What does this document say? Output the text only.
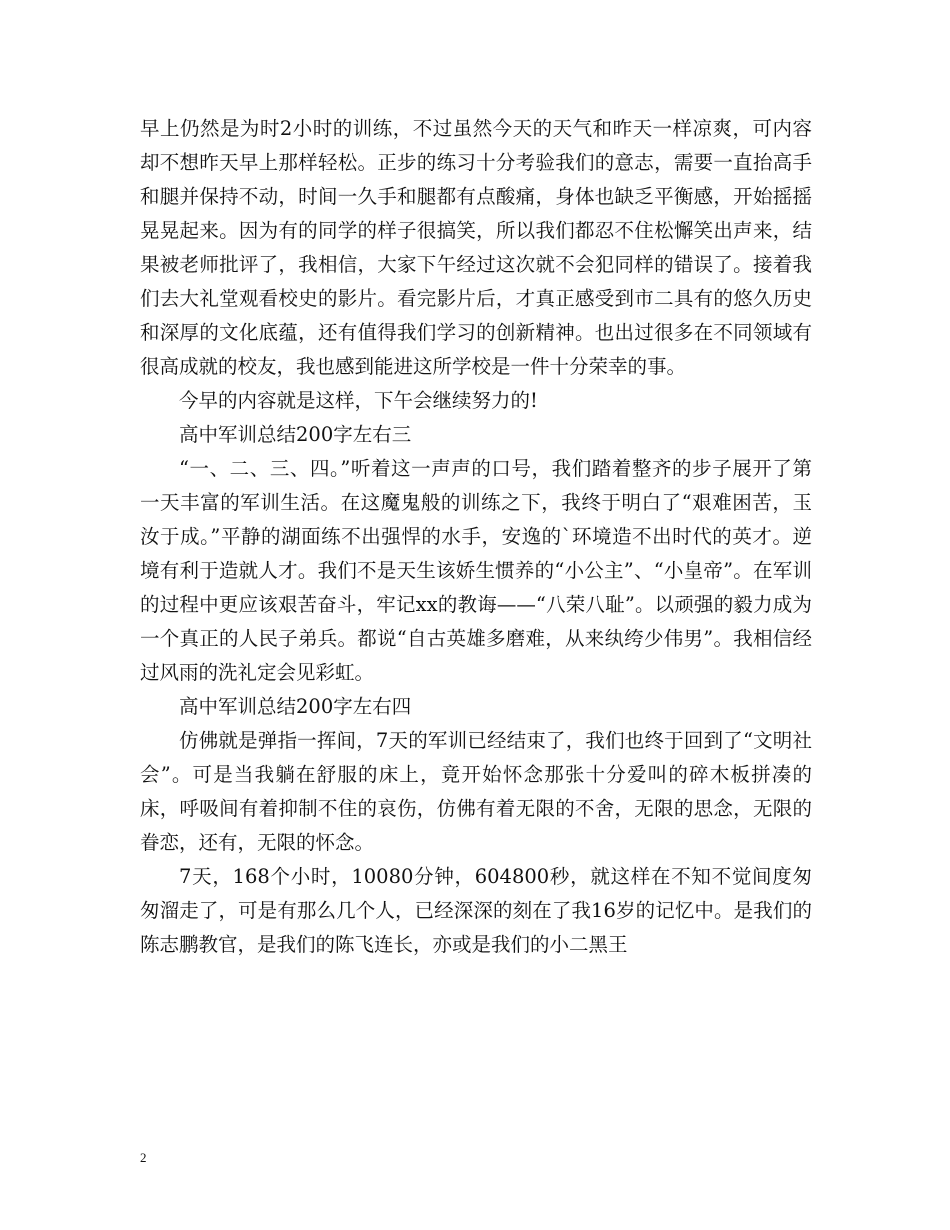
早上仍然是为时2小时的训练，不过虽然今天的天气和昨天一样凉爽，可内容却不想昨天早上那样轻松。正步的练习十分考验我们的意志，需要一直抬高手和腿并保持不动，时间一久手和腿都有点酸痛，身体也缺乏平衡感，开始摇摇晃晃起来。因为有的同学的样子很搞笑，所以我们都忍不住松懈笑出声来，结果被老师批评了，我相信，大家下午经过这次就不会犯同样的错误了。接着我们去大礼堂观看校史的影片。看完影片后，才真正感受到市二具有的悠久历史和深厚的文化底蕴，还有值得我们学习的创新精神。也出过很多在不同领域有很高成就的校友，我也感到能进这所学校是一件十分荣幸的事。

今早的内容就是这样，下午会继续努力的!

高中军训总结200字左右三

“一、二、三、四。”听着这一声声的口号，我们踏着整齐的步子展开了第一天丰富的军训生活。在这魔鬼般的训练之下，我终于明白了“艰难困苦，玉汝于成。”平静的湖面练不出强悍的水手，安逸的`环境造不出时代的英才。逆境有利于造就人才。我们不是天生该娇生惯养的“小公主”、“小皇帝”。在军训的过程中更应该艰苦奋斗，牢记xx的教诲——“八荣八耻”。以顽强的毅力成为一个真正的人民子弟兵。都说“自古英雄多磨难，从来纨绔少伟男”。我相信经过风雨的洗礼定会见彩虹。

高中军训总结200字左右四

仿佛就是弹指一挥间，7天的军训已经结束了，我们也终于回到了“文明社会”。可是当我躺在舒服的床上，竟开始怀念那张十分爱叫的碎木板拼凑的床，呼吸间有着抑制不住的哀伤，仿佛有着无限的不舍，无限的思念，无限的眷恋，还有，无限的怀念。

7天，168个小时，10080分钟，604800秒，就这样在不知不觉间度匆匆溜走了，可是有那么几个人，已经深深的刻在了我16岁的记忆中。是我们的陈志鹏教官，是我们的陈飞连长，亦或是我们的小二黑王

2
